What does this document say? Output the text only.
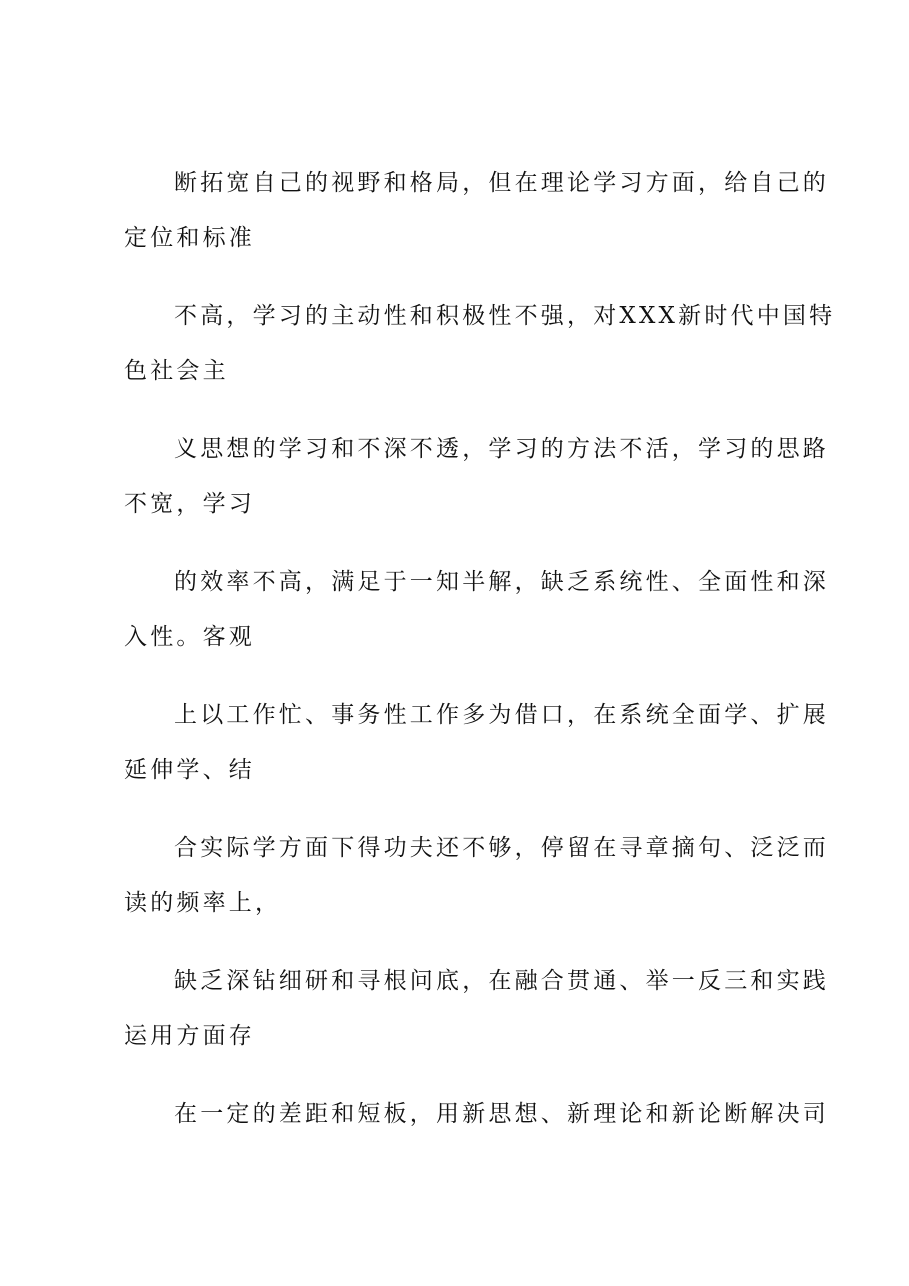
断拓宽自己的视野和格局，但在理论学习方面，给自己的
定位和标准

不高，学习的主动性和积极性不强，对XXX新时代中国特
色社会主

义思想的学习和不深不透，学习的方法不活，学习的思路
不宽，学习

的效率不高，满足于一知半解，缺乏系统性、全面性和深
入性。客观

上以工作忙、事务性工作多为借口，在系统全面学、扩展
延伸学、结

合实际学方面下得功夫还不够，停留在寻章摘句、泛泛而
读的频率上，

缺乏深钻细研和寻根问底，在融合贯通、举一反三和实践
运用方面存

在一定的差距和短板，用新思想、新理论和新论断解决司
